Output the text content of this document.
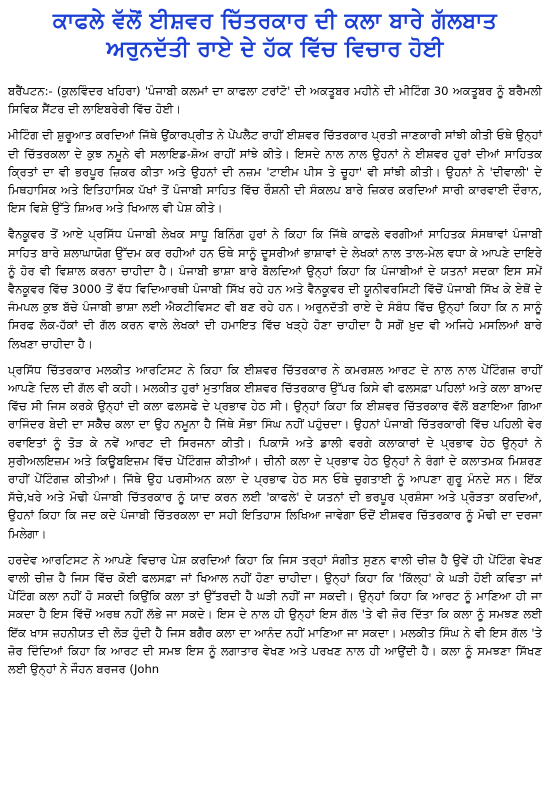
ਕਾਫਲੇ ਵੱਲੋਂ ਈਸ਼ਵਰ ਚਿੱਤਰਕਾਰ ਦੀ ਕਲਾ ਬਾਰੇ ਗੱਲਬਾਤ
ਅਰੁਨਦੱਤੀ ਰਾਏ ਦੇ ਹੱਕ ਵਿੱਚ ਵਿਚਾਰ ਹੋਈ

ਬਰੈਂਪਟਨ:- (ਕੁਲਵਿੰਦਰ ਖਹਿਰਾ) 'ਪੰਜਾਬੀ ਕਲਮਾਂ ਦਾ ਕਾਫਲਾ ਟਰਾਂਟੋ' ਦੀ ਅਕਤੂਬਰ ਮਹੀਨੇ ਦੀ ਮੀਟਿੰਗ 30 ਅਕਤੂਬਰ ਨੂੰ ਬਰੈਮਲੀ ਸਿਵਿਕ ਸੈਂਟਰ ਦੀ ਲਾਇਬਰੇਰੀ ਵਿੱਚ ਹੋਈ।

ਮੀਟਿੰਗ ਦੀ ਸ਼ੁਰੂਆਤ ਕਰਦਿਆਂ ਜਿੱਥੇ ਉਂਕਾਰਪ੍ਰੀਤ ਨੇ ਪੇਂਪਲੈਟ ਰਾਹੀਂ ਈਸ਼ਵਰ ਚਿੱਤਰਕਾਰ ਪ੍ਰਤੀ ਜਾਣਕਾਰੀ ਸਾਂਝੀ ਕੀਤੀ ਓਥੇ ਉਨ੍ਹਾਂ ਦੀ ਚਿੱਤਰਕਲਾ ਦੇ ਕੁਝ ਨਮੂਨੇ ਵੀ ਸਲਾਇਡ-ਸ਼ੋਅ ਰਾਹੀਂ ਸਾਂਝੇ ਕੀਤੇ। ਇਸਦੇ ਨਾਲ ਨਾਲ ਉਹਨਾਂ ਨੇ ਈਸ਼ਵਰ ਹੁਰਾਂ ਦੀਆਂ ਸਾਹਿਤਕ ਕ੍ਰਿਤਾਂ ਦਾ ਵੀ ਭਰਪੂਰ ਜ਼ਿਕਰ ਕੀਤਾ ਅਤੇ ਉਹਨਾਂ ਦੀ ਨਜ਼ਮ 'ਟਾਈਮ ਪੀਸ ਤੇ ਚੂਹਾ' ਵੀ ਸਾਂਝੀ ਕੀਤੀ। ਉਹਨਾਂ ਨੇ 'ਦੀਵਾਲੀ' ਦੇ ਮਿਥਹਾਸਿਕ ਅਤੇ ਇਤਿਹਾਸਿਕ ਪੱਖਾਂ ਤੋਂ ਪੰਜਾਬੀ ਸਾਹਿਤ ਵਿੱਚ ਰੌਸ਼ਨੀ ਦੀ ਸੰਕਲਪ ਬਾਰੇ ਜ਼ਿਕਰ ਕਰਦਿਆਂ ਸਾਰੀ ਕਾਰਵਾਈ ਦੌਰਾਨ, ਇਸ ਵਿਸ਼ੇ ਉੱਤੇ ਸ਼ਿਅਰ ਅਤੇ ਖਿਆਲ ਵੀ ਪੇਸ਼ ਕੀਤੇ।

ਵੈਨਕੂਵਰ ਤੋਂ ਆਏ ਪ੍ਰਸਿੱਧ ਪੰਜਾਬੀ ਲੇਖਕ ਸਾਧੂ ਬਿਨਿੰਗ ਹੁਰਾਂ ਨੇ ਕਿਹਾ ਕਿ ਜਿੱਥੇ ਕਾਫਲੇ ਵਰਗੀਆਂ ਸਾਹਿਤਕ ਸੰਸਥਾਵਾਂ ਪੰਜਾਬੀ ਸਾਹਿਤ ਬਾਰੇ ਸ਼ਲਾਘਾਯੋਗ ਉੱਦਮ ਕਰ ਰਹੀਆਂ ਹਨ ਓਥੇ ਸਾਨੂੰ ਦੂਸਰੀਆਂ ਭਾਸ਼ਾਵਾਂ ਦੇ ਲੇਖਕਾਂ ਨਾਲ ਤਾਲ-ਮੇਲ ਵਧਾ ਕੇ ਆਪਣੇ ਦਾਇਰੇ ਨੂੰ ਹੋਰ ਵੀ ਵਿਸ਼ਾਲ ਕਰਨਾ ਚਾਹੀਦਾ ਹੈ। ਪੰਜਾਬੀ ਭਾਸ਼ਾ ਬਾਰੇ ਬੋਲਦਿਆਂ ਉਨ੍ਹਾਂ ਕਿਹਾ ਕਿ ਪੰਜਾਬੀਆਂ ਦੇ ਯਤਨਾਂ ਸਦਕਾ ਇਸ ਸਮੇਂ ਵੈਨਕੂਵਰ ਵਿੱਚ 3000 ਤੋਂ ਵੱਧ ਵਿਦਿਆਰਥੀ ਪੰਜਾਬੀ ਸਿੱਖ ਰਹੇ ਹਨ ਅਤੇ ਵੈਨਕੂਵਰ ਦੀ ਯੂਨੀਵਰਸਿਟੀ ਵਿੱਚੋਂ ਪੰਜਾਬੀ ਸਿੱਖ ਕੇ ਏਥੋਂ ਦੇ ਜੰਮਪਲ ਕੁਝ ਬੱਚੇ ਪੰਜਾਬੀ ਭਾਸ਼ਾ ਲਈ ਐਕਟੀਵਿਸਟ ਵੀ ਬਣ ਰਹੇ ਹਨ। ਅਰੁਨਦੱਤੀ ਰਾਏ ਦੇ ਸੰਬੰਧ ਵਿੱਚ ਉਨ੍ਹਾਂ ਕਿਹਾ ਕਿ ਨ ਸਾਨੂੰ ਸਿਰਫ ਲੋਕ-ਹੱਕਾਂ ਦੀ ਗੱਲ ਕਰਨ ਵਾਲੇ ਲੇਖਕਾਂ ਦੀ ਹਮਾਇਤ ਵਿੱਚ ਖੜ੍ਹੇ ਹੋਣਾ ਚਾਹੀਦਾ ਹੈ ਸਗੋਂ ਖ਼ੁਦ ਵੀ ਅਜਿਹੇ ਮਸਲਿਆਂ ਬਾਰੇ ਲਿਖਣਾ ਚਾਹੀਦਾ ਹੈ।

ਪ੍ਰਸਿੱਧ ਚਿੱਤਰਕਾਰ ਮਲਕੀਤ ਆਰਟਿਸਟ ਨੇ ਕਿਹਾ ਕਿ ਈਸ਼ਵਰ ਚਿੱਤਰਕਾਰ ਨੇ ਕਮਰਸ਼ਲ ਆਰਟ ਦੇ ਨਾਲ ਨਾਲ ਪੇਂਟਿੰਗਜ਼ ਰਾਹੀਂ ਆਪਣੇ ਦਿਲ ਦੀ ਗੱਲ ਵੀ ਕਹੀ। ਮਲਕੀਤ ਹੁਰਾਂ ਮੁਤਾਬਿਕ ਈਸ਼ਵਰ ਚਿੱਤਰਕਾਰ ਉੱਪਰ ਕਿਸੇ ਵੀ ਫਲਸਫ਼ਾ ਪਹਿਲਾਂ ਅਤੇ ਕਲਾ ਬਾਅਦ ਵਿੱਚ ਸੀ ਜਿਸ ਕਰਕੇ ਉਨ੍ਹਾਂ ਦੀ ਕਲਾ ਫਲਸਫੇ ਦੇ ਪ੍ਰਭਾਵ ਹੇਠ ਸੀ। ਉਨ੍ਹਾਂ ਕਿਹਾ ਕਿ ਈਸ਼ਵਰ ਚਿੱਤਰਕਾਰ ਵੱਲੋਂ ਬਣਾਇਆ ਗਿਆ ਰਾਜਿੰਦਰ ਬੇਦੀ ਦਾ ਸਕੈੱਚ ਕਲਾ ਦਾ ਉਹ ਨਮੂਨਾ ਹੈ ਜਿੱਥੇ ਸੋਭਾ ਸਿੰਘ ਨਹੀਂ ਪਹੁੰਚਦਾ। ਉਹਨਾਂ ਪੰਜਾਬੀ ਚਿੱਤਰਕਾਰੀ ਵਿੱਚ ਪਹਿਲੀ ਵੇਰ ਰਵਾਇਤਾਂ ਨੂੰ ਤੋੜ ਕੇ ਨਵੇਂ ਆਰਟ ਦੀ ਸਿਰਜਨਾ ਕੀਤੀ। ਪਿਕਾਸੋ ਅਤੇ ਡਾਲੀ ਵਰਗੇ ਕਲਾਕਾਰਾਂ ਦੇ ਪ੍ਰਭਾਵ ਹੇਠ ਉਨ੍ਹਾਂ ਨੇ ਸੁਰੀਅਲਇਜ਼ਮ ਅਤੇ ਕਿਊਬਇਜ਼ਮ ਵਿੱਚ ਪੇਂਟਿੰਗਜ਼ ਕੀਤੀਆਂ। ਚੀਨੀ ਕਲਾ ਦੇ ਪ੍ਰਭਾਵ ਹੇਠ ਉਨ੍ਹਾਂ ਨੇ ਰੰਗਾਂ ਦੇ ਕਲਾਤਮਕ ਮਿਸ਼ਰਣ ਰਾਹੀਂ ਪੇਂਟਿੰਗਜ਼ ਕੀਤੀਆਂ। ਜਿੱਥੇ ਉਹ ਪਰਸੀਅਨ ਕਲਾ ਦੇ ਪ੍ਰਭਾਵ ਹੇਠ ਸਨ ਓਥੇ ਚੁਗਤਾਈ ਨੂੰ ਆਪਣਾ ਗੁਰੂ ਮੰਨਦੇ ਸਨ। ਇੱਕ ਸੱਚੇ,ਖਰੇ ਅਤੇ ਮੋਢੀ ਪੰਜਾਬੀ ਚਿੱਤਰਕਾਰ ਨੂੰ ਯਾਦ ਕਰਨ ਲਈ 'ਕਾਫਲੇ' ਦੇ ਯਤਨਾਂ ਦੀ ਭਰਪੂਰ ਪ੍ਰਸ਼ੰਸਾ ਅਤੇ ਪ੍ਰੋੜਤਾ ਕਰਦਿਆਂ, ਉਹਨਾਂ ਕਿਹਾ ਕਿ ਜਦ ਕਦੇ ਪੰਜਾਬੀ ਚਿੱਤਰਕਲਾ ਦਾ ਸਹੀ ਇਤਿਹਾਸ ਲਿਖਿਆ ਜਾਵੇਗਾ ਓਦੋਂ ਈਸ਼ਵਰ ਚਿੱਤਰਕਾਰ ਨੂੰ ਮੋਢੀ ਦਾ ਦਰਜਾ ਮਿਲੇਗਾ।

ਹਰਦੇਵ ਆਰਟਿਸਟ ਨੇ ਆਪਣੇ ਵਿਚਾਰ ਪੇਸ਼ ਕਰਦਿਆਂ ਕਿਹਾ ਕਿ ਜਿਸ ਤਰ੍ਹਾਂ ਸੰਗੀਤ ਸੁਣਨ ਵਾਲੀ ਚੀਜ਼ ਹੈ ਉਵੇਂ ਹੀ ਪੇਂਟਿੰਗ ਵੇਖਣ ਵਾਲੀ ਚੀਜ਼ ਹੈ ਜਿਸ ਵਿੱਚ ਕੋਈ ਫਲਸਫ਼ਾ ਜਾਂ ਖਿਆਲ ਨਹੀਂ ਹੋਣਾ ਚਾਹੀਦਾ। ਉਨ੍ਹਾਂ ਕਿਹਾ ਕਿ 'ਕਿੱਲ੍ਹ' ਕੇ ਘੜੀ ਹੋਈ ਕਵਿਤਾ ਜਾਂ ਪੇਂਟਿੰਗ ਕਲਾ ਨਹੀਂ ਹੋ ਸਕਦੀ ਕਿਉਂਕਿ ਕਲਾ ਤਾਂ ਉੱਤਰਦੀ ਹੈ ਘੜੀ ਨਹੀਂ ਜਾ ਸਕਦੀ। ਉਨ੍ਹਾਂ ਕਿਹਾ ਕਿ ਆਰਟ ਨੂੰ ਮਾਣਿਆ ਹੀ ਜਾ ਸਕਦਾ ਹੈ ਇਸ ਵਿੱਚੋਂ ਅਰਥ ਨਹੀਂ ਲੱਭੇ ਜਾ ਸਕਦੇ। ਇਸ ਦੇ ਨਾਲ ਹੀ ਉਨ੍ਹਾਂ ਇਸ ਗੱਲ 'ਤੇ ਵੀ ਜ਼ੋਰ ਦਿੱਤਾ ਕਿ ਕਲਾ ਨੂੰ ਸਮਝਣ ਲਈ ਇੱਕ ਖਾਸ ਜ਼ਹਨੀਯਤ ਦੀ ਲੋੜ ਹੁੰਦੀ ਹੈ ਜਿਸ ਬਗੈਰ ਕਲਾ ਦਾ ਆਨੰਦ ਨਹੀਂ ਮਾਣਿਆ ਜਾ ਸਕਦਾ। ਮਲਕੀਤ ਸਿੰਘ ਨੇ ਵੀ ਇਸ ਗੱਲ 'ਤੇ ਜ਼ੋਰ ਦਿੰਦਿਆਂ ਕਿਹਾ ਕਿ ਆਰਟ ਦੀ ਸਮਝ ਇਸ ਨੂੰ ਲਗਾਤਾਰ ਵੇਖਣ ਅਤੇ ਪਰਖਣ ਨਾਲ ਹੀ ਆਉਂਦੀ ਹੈ। ਕਲਾ ਨੂੰ ਸਮਝਣਾ ਸਿੱਖਣ ਲਈ ਉਨ੍ਹਾਂ ਨੇ ਜੌਹਨ ਬਰਜਰ (John
